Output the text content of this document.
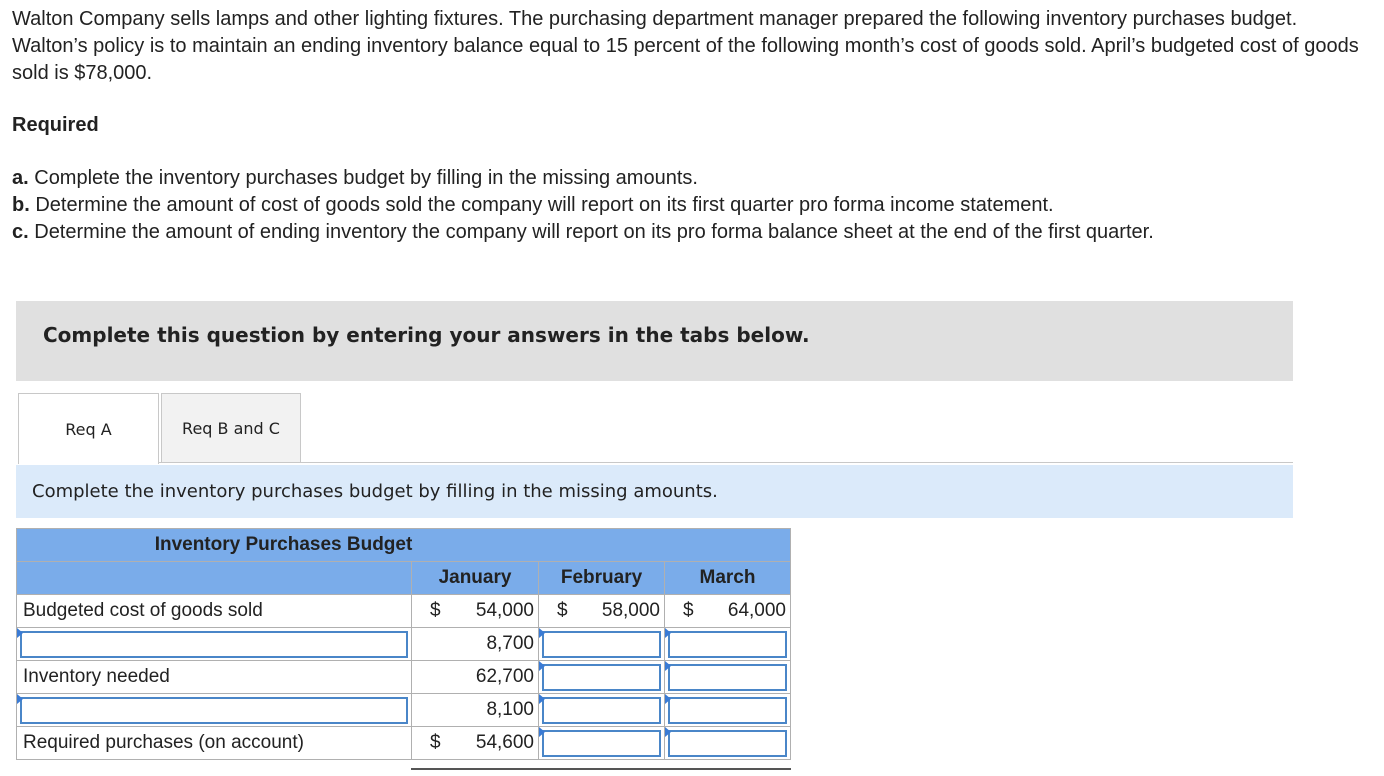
Walton Company sells lamps and other lighting fixtures. The purchasing department manager prepared the following inventory purchases budget. Walton’s policy is to maintain an ending inventory balance equal to 15 percent of the following month’s cost of goods sold. April’s budgeted cost of goods sold is $78,000.

Required
a. Complete the inventory purchases budget by filling in the missing amounts.
b. Determine the amount of cost of goods sold the company will report on its first quarter pro forma income statement.
c. Determine the amount of ending inventory the company will report on its pro forma balance sheet at the end of the first quarter.
Complete this question by entering your answers in the tabs below.
Req A	Req B and C
Complete the inventory purchases budget by filling in the missing amounts.
Inventory Purchases Budget			
	January	February	March
Budgeted cost of goods sold	$ 54,000	$ 58,000	$ 64,000

	8,700	

Inventory needed	62,700	

	8,100	

Required purchases (on account)	$ 54,600		
